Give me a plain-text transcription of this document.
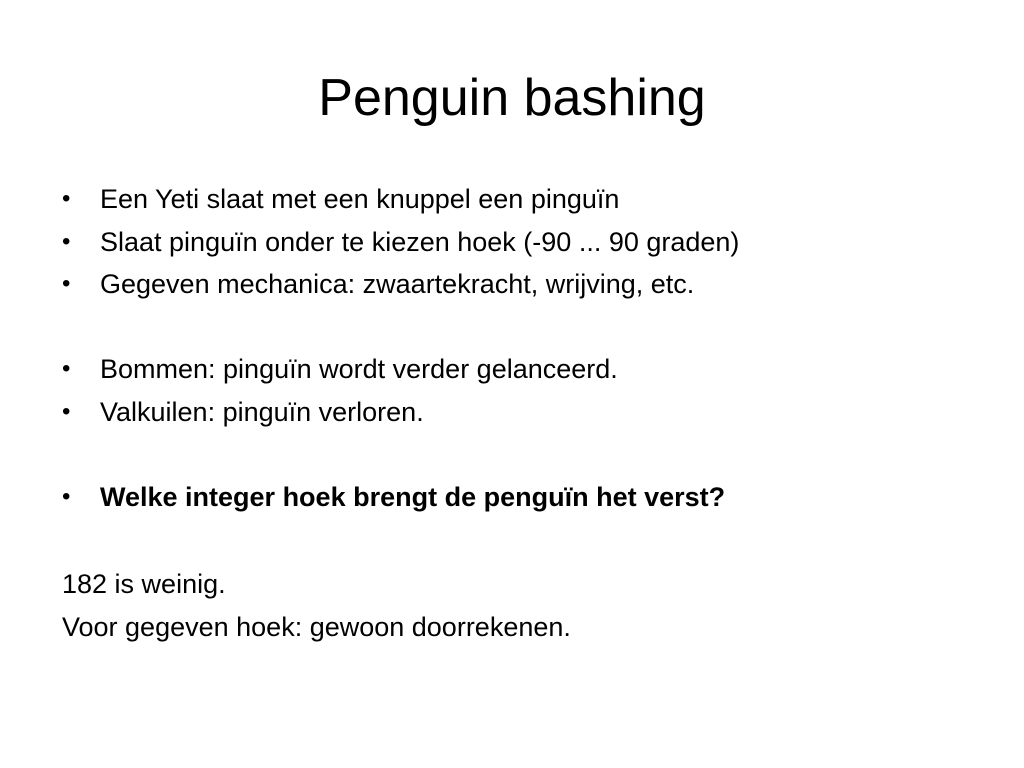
Penguin bashing
•	Een Yeti slaat met een knuppel een pinguïn
•	Slaat pinguïn onder te kiezen hoek (-90 ... 90 graden)
•	Gegeven mechanica: zwaartekracht, wrijving, etc.
•	Bommen: pinguïn wordt verder gelanceerd.
•	Valkuilen: pinguïn verloren.
•	Welke integer hoek brengt de penguïn het verst?
182 is weinig.
Voor gegeven hoek: gewoon doorrekenen.
